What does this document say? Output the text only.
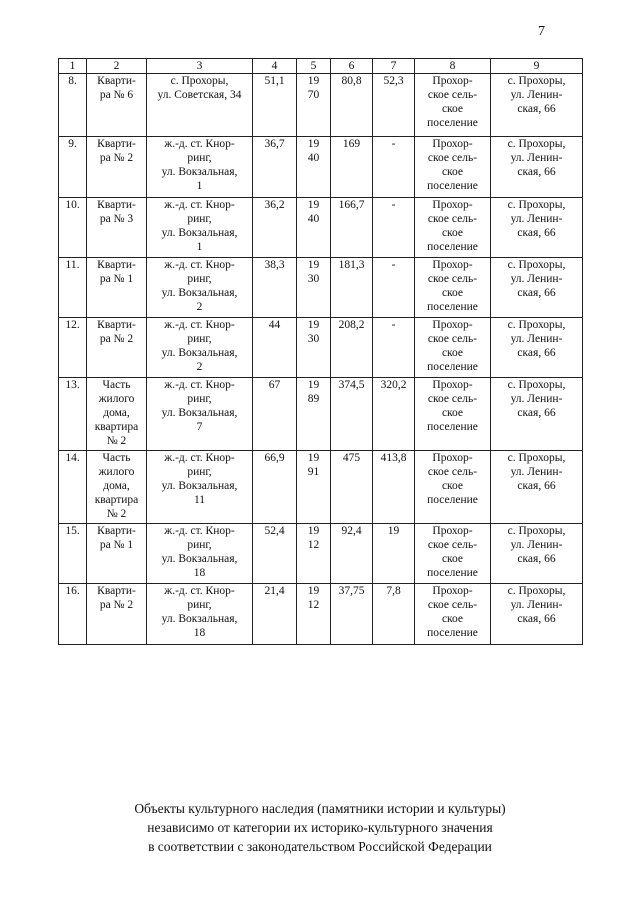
7
1	2	3	4	5	6	7	8	9
8.	Кварти-
ра № 6	с. Прохоры,
ул. Советская, 34	51,1	19
70	80,8	52,3	Прохор-
ское сель-
ское
поселение	с. Прохоры,
ул. Ленин-
ская, 66
9.	Кварти-
ра № 2	ж.-д. ст. Кнор-
ринг,
ул. Вокзальная,
1	36,7	19
40	169	-	Прохор-
ское сель-
ское
поселение	с. Прохоры,
ул. Ленин-
ская, 66
10.	Кварти-
ра № 3	ж.-д. ст. Кнор-
ринг,
ул. Вокзальная,
1	36,2	19
40	166,7	-	Прохор-
ское сель-
ское
поселение	с. Прохоры,
ул. Ленин-
ская, 66
11.	Кварти-
ра № 1	ж.-д. ст. Кнор-
ринг,
ул. Вокзальная,
2	38,3	19
30	181,3	-	Прохор-
ское сель-
ское
поселение	с. Прохоры,
ул. Ленин-
ская, 66
12.	Кварти-
ра № 2	ж.-д. ст. Кнор-
ринг,
ул. Вокзальная,
2	44	19
30	208,2	-	Прохор-
ское сель-
ское
поселение	с. Прохоры,
ул. Ленин-
ская, 66
13.	Часть
жилого
дома,
квартира
№ 2	ж.-д. ст. Кнор-
ринг,
ул. Вокзальная,
7	67	19
89	374,5	320,2	Прохор-
ское сель-
ское
поселение	с. Прохоры,
ул. Ленин-
ская, 66
14.	Часть
жилого
дома,
квартира
№ 2	ж.-д. ст. Кнор-
ринг,
ул. Вокзальная,
11	66,9	19
91	475	413,8	Прохор-
ское сель-
ское
поселение	с. Прохоры,
ул. Ленин-
ская, 66
15.	Кварти-
ра № 1	ж.-д. ст. Кнор-
ринг,
ул. Вокзальная,
18	52,4	19
12	92,4	19	Прохор-
ское сель-
ское
поселение	с. Прохоры,
ул. Ленин-
ская, 66
16.	Кварти-
ра № 2	ж.-д. ст. Кнор-
ринг,
ул. Вокзальная,
18	21,4	19
12	37,75	7,8	Прохор-
ское сель-
ское
поселение	с. Прохоры,
ул. Ленин-
ская, 66
Объекты культурного наследия (памятники истории и культуры)
независимо от категории их историко-культурного значения
в соответствии с законодательством Российской Федерации
